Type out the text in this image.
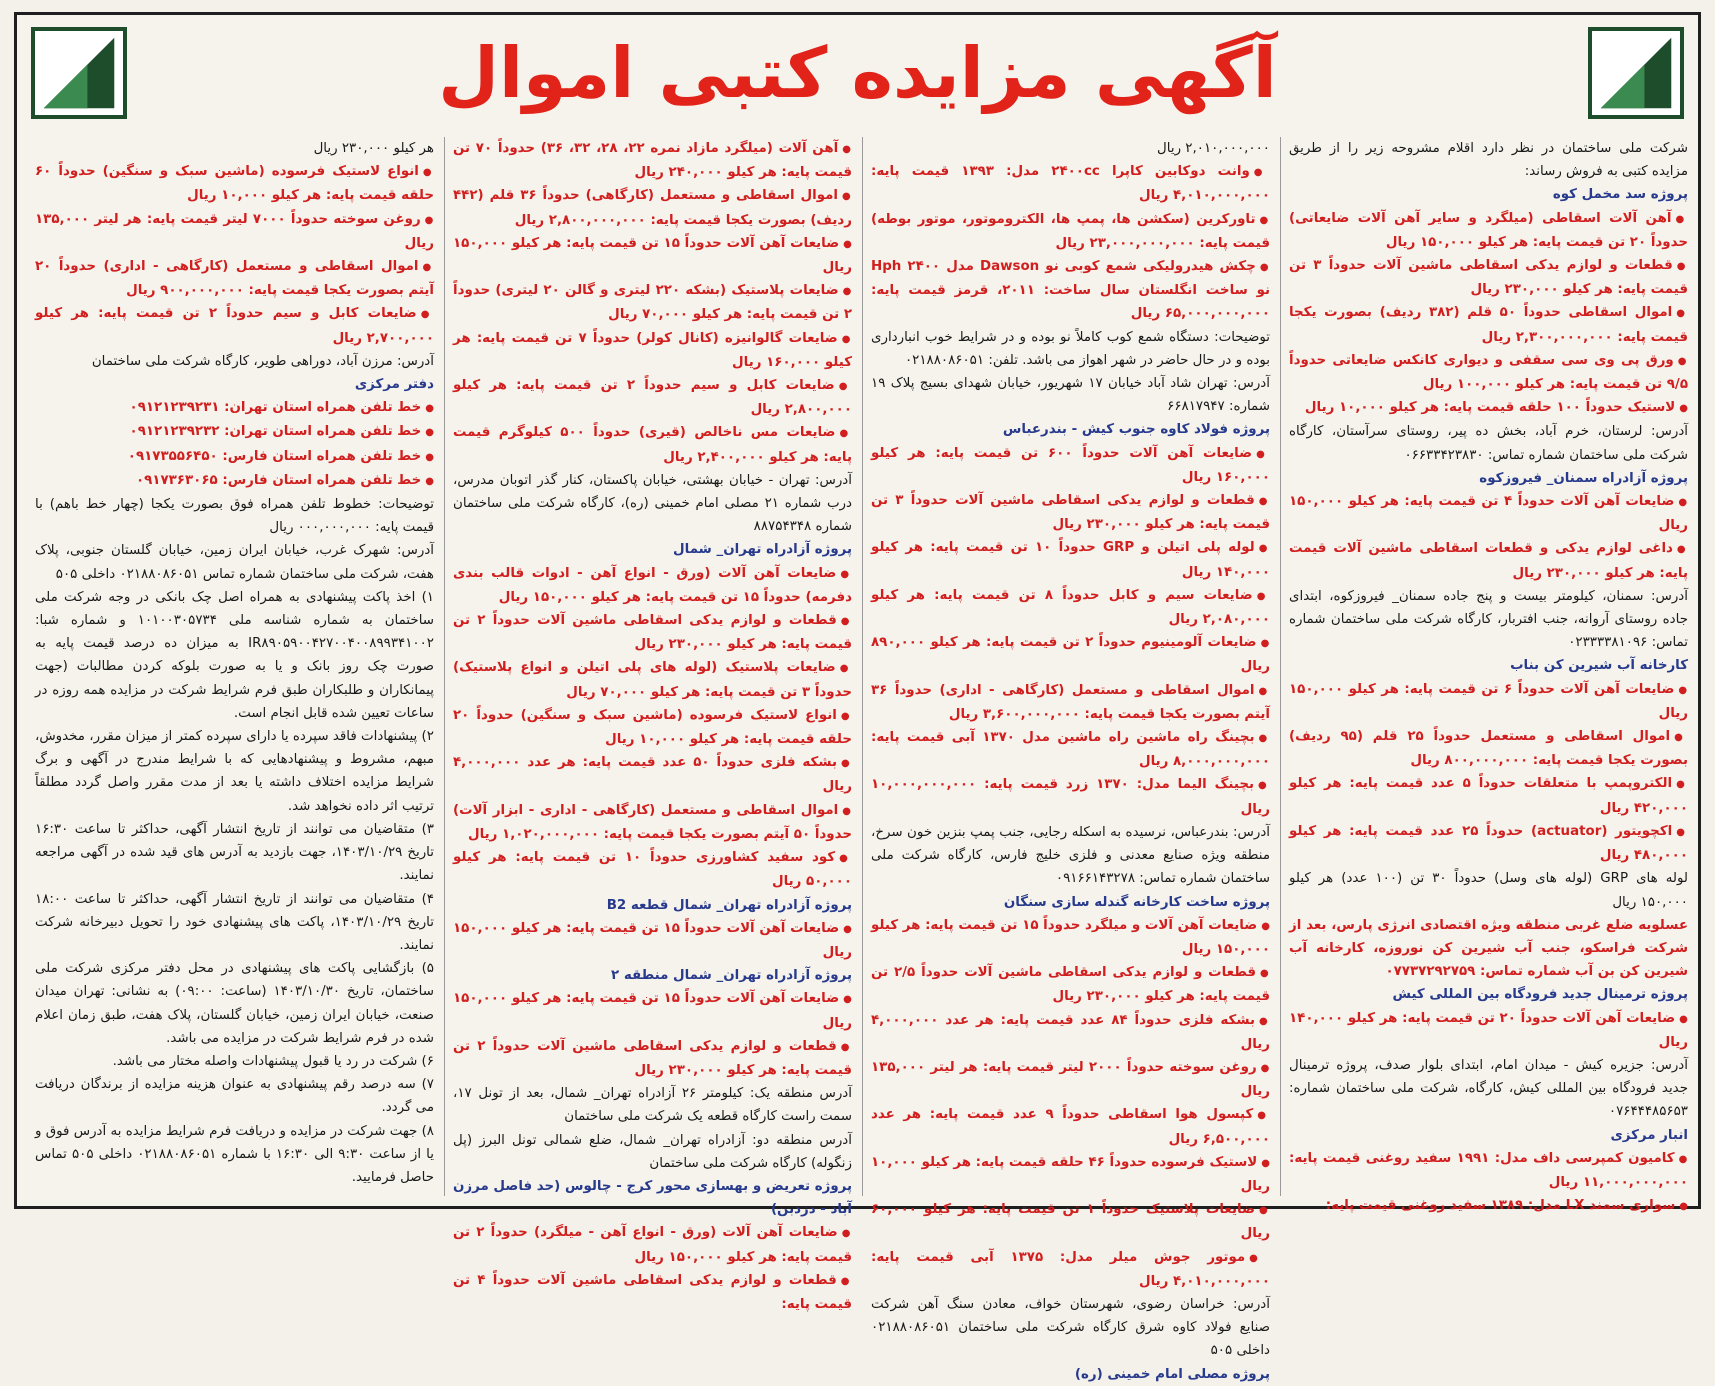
آگهی مزایده کتبی اموال
شرکت ملی ساختمان در نظر دارد اقلام مشروحه زیر را از طریق مزایده کتبی به فروش رساند:
پروژه سد مخمل کوه
● آهن آلات اسقاطی (میلگرد و سایر آهن آلات ضایعاتی) حدوداً ۲۰ تن قیمت پایه: هر کیلو ۱۵۰,۰۰۰ ریال
● قطعات و لوازم یدکی اسقاطی ماشین آلات حدوداً ۳ تن قیمت پایه: هر کیلو ۲۳۰,۰۰۰ ریال
● اموال اسقاطی حدوداً ۵۰ قلم (۳۸۲ ردیف) بصورت یکجا قیمت پایه: ۲,۳۰۰,۰۰۰,۰۰۰ ریال
● ورق پی وی سی سقفی و دیواری کانکس ضایعاتی حدوداً ۹/۵ تن قیمت پایه: هر کیلو ۱۰۰,۰۰۰ ریال
● لاستیک حدوداً ۱۰۰ حلقه قیمت پایه: هر کیلو ۱۰,۰۰۰ ریال
آدرس: لرستان، خرم آباد، بخش ده پیر، روستای سرآستان، کارگاه شرکت ملی ساختمان شماره تماس: ۰۶۶۳۳۴۲۳۸۳۰
پروژه آزادراه سمنان_ فیروزکوه
● ضایعات آهن آلات حدوداً ۴ تن قیمت پایه: هر کیلو ۱۵۰,۰۰۰ ریال
● داغی لوازم یدکی و قطعات اسقاطی ماشین آلات قیمت پایه: هر کیلو ۲۳۰,۰۰۰ ریال
آدرس: سمنان، کیلومتر بیست و پنج جاده سمنان_ فیروزکوه، ابتدای جاده روستای آروانه، جنب افتربار، کارگاه شرکت ملی ساختمان شماره تماس: ۰۲۳۳۳۳۸۱۰۹۶
کارخانه آب شیرین کن بناب
● ضایعات آهن آلات حدوداً ۶ تن قیمت پایه: هر کیلو ۱۵۰,۰۰۰ ریال
● اموال اسقاطی و مستعمل حدوداً ۲۵ قلم (۹۵ ردیف) بصورت یکجا قیمت پایه: ۸۰۰,۰۰۰,۰۰۰ ریال
● الکتروپمپ با متعلقات حدوداً ۵ عدد قیمت پایه: هر کیلو ۴۲۰,۰۰۰ ریال
● اکچویتور (actuator) حدوداً ۲۵ عدد قیمت پایه: هر کیلو ۴۸۰,۰۰۰ ریال
لوله های GRP (لوله های وسل) حدوداً ۳۰ تن (۱۰۰ عدد) هر کیلو ۱۵۰,۰۰۰ ریال
عسلویه ضلع غربی منطقه ویژه اقتصادی انرژی پارس، بعد از شرکت فراسکو، جنب آب شیرین کن نوروزه، کارخانه آب شیرین کن بن آب شماره تماس: ۰۷۷۳۷۲۹۲۷۵۹
پروژه ترمینال جدید فرودگاه بین المللی کیش
● ضایعات آهن آلات حدوداً ۲۰ تن قیمت پایه: هر کیلو ۱۴۰,۰۰۰ ریال
آدرس: جزیره کیش - میدان امام، ابتدای بلوار صدف، پروژه ترمینال جدید فرودگاه بین المللی کیش، کارگاه، شرکت ملی ساختمان شماره: ۰۷۶۴۴۴۸۵۶۵۳
انبار مرکزی
● کامیون کمپرسی داف مدل: ۱۹۹۱ سفید روغنی قیمت پایه: ۱۱,۰۰۰,۰۰۰,۰۰۰ ریال
● سواری سمند LX مدل: ۱۳۸۹ سفید روغنی قیمت پایه:
۲,۰۱۰,۰۰۰,۰۰۰ ریال
● وانت دوکابین کاپرا ۲۴۰۰cc مدل: ۱۳۹۳ قیمت پایه: ۴,۰۱۰,۰۰۰,۰۰۰ ریال
● تاورکرین (سکشن ها، پمپ ها، الکتروموتور، موتور بوطه) قیمت پایه: ۲۳,۰۰۰,۰۰۰,۰۰۰ ریال
● چکش هیدرولیکی شمع کوبی نو Dawson مدل Hph ۲۴۰۰ نو ساخت انگلستان سال ساخت: ۲۰۱۱، قرمز قیمت پایه: ۶۵,۰۰۰,۰۰۰,۰۰۰ ریال
توضیحات: دستگاه شمع کوب کاملاً نو بوده و در شرایط خوب انبارداری بوده و در حال حاضر در شهر اهواز می باشد. تلفن: ۰۲۱۸۸۰۸۶۰۵۱
آدرس: تهران شاد آباد خیابان ۱۷ شهریور، خیابان شهدای بسیج پلاک ۱۹ شماره: ۶۶۸۱۷۹۴۷
پروژه فولاد کاوه جنوب کیش - بندرعباس
● ضایعات آهن آلات حدوداً ۶۰۰ تن قیمت پایه: هر کیلو ۱۶۰,۰۰۰ ریال
● قطعات و لوازم یدکی اسقاطی ماشین آلات حدوداً ۳ تن قیمت پایه: هر کیلو ۲۳۰,۰۰۰ ریال
● لوله پلی اتیلن و GRP حدوداً ۱۰ تن قیمت پایه: هر کیلو ۱۴۰,۰۰۰ ریال
● ضایعات سیم و کابل حدوداً ۸ تن قیمت پایه: هر کیلو ۲,۰۸۰,۰۰۰ ریال
● ضایعات آلومینیوم حدوداً ۲ تن قیمت پایه: هر کیلو ۸۹۰,۰۰۰ ریال
● اموال اسقاطی و مستعمل (کارگاهی - اداری) حدوداً ۳۶ آیتم بصورت یکجا قیمت پایه: ۳,۶۰۰,۰۰۰,۰۰۰ ریال
● بچینگ راه ماشین راه ماشین مدل ۱۳۷۰ آبی قیمت پایه: ۸,۰۰۰,۰۰۰,۰۰۰ ریال
● بچینگ الیما مدل: ۱۳۷۰ زرد قیمت پایه: ۱۰,۰۰۰,۰۰۰,۰۰۰ ریال
آدرس: بندرعباس، نرسیده به اسکله رجایی، جنب پمپ بنزین خون سرخ، منطقه ویژه صنایع معدنی و فلزی خلیج فارس، کارگاه شرکت ملی ساختمان شماره تماس: ۰۹۱۶۶۱۴۳۲۷۸
پروژه ساخت کارخانه گندله سازی سنگان
● ضایعات آهن آلات و میلگرد حدوداً ۱۵ تن قیمت پایه: هر کیلو ۱۵۰,۰۰۰ ریال
● قطعات و لوازم یدکی اسقاطی ماشین آلات حدوداً ۲/۵ تن قیمت پایه: هر کیلو ۲۳۰,۰۰۰ ریال
● بشکه فلزی حدوداً ۸۴ عدد قیمت پایه: هر عدد ۴,۰۰۰,۰۰۰ ریال
● روغن سوخته حدوداً ۲۰۰۰ لیتر قیمت پایه: هر لیتر ۱۳۵,۰۰۰ ریال
● کپسول هوا اسقاطی حدوداً ۹ عدد قیمت پایه: هر عدد ۶,۵۰۰,۰۰۰ ریال
● لاستیک فرسوده حدوداً ۴۶ حلقه قیمت پایه: هر کیلو ۱۰,۰۰۰ ریال
● ضایعات پلاستیک حدوداً ۱ تن قیمت پایه: هر کیلو ۶۰,۰۰۰ ریال
● موتور جوش میلر مدل: ۱۳۷۵ آبی قیمت پایه: ۴,۰۱۰,۰۰۰,۰۰۰ ریال
آدرس: خراسان رضوی، شهرستان خواف، معادن سنگ آهن شرکت صنایع فولاد کاوه شرق کارگاه شرکت ملی ساختمان ۰۲۱۸۸۰۸۶۰۵۱ داخلی ۵۰۵
پروژه مصلی امام خمینی (ره)
● آهن آلات (میلگرد مازاد نمره ۲۲، ۲۸، ۳۲، ۳۶) حدوداً ۷۰ تن قیمت پایه: هر کیلو ۲۴۰,۰۰۰ ریال
● اموال اسقاطی و مستعمل (کارگاهی) حدوداً ۳۶ قلم (۴۴۲ ردیف) بصورت یکجا قیمت پایه: ۲,۸۰۰,۰۰۰,۰۰۰ ریال
● ضایعات آهن آلات حدوداً ۱۵ تن قیمت پایه: هر کیلو ۱۵۰,۰۰۰ ریال
● ضایعات پلاستیک (بشکه ۲۲۰ لیتری و گالن ۲۰ لیتری) حدوداً ۲ تن قیمت پایه: هر کیلو ۷۰,۰۰۰ ریال
● ضایعات گالوانیزه (کانال کولر) حدوداً ۷ تن قیمت پایه: هر کیلو ۱۶۰,۰۰۰ ریال
● ضایعات کابل و سیم حدوداً ۲ تن قیمت پایه: هر کیلو ۲,۸۰۰,۰۰۰ ریال
● ضایعات مس ناخالص (قیری) حدوداً ۵۰۰ کیلوگرم قیمت پایه: هر کیلو ۲,۴۰۰,۰۰۰ ریال
آدرس: تهران - خیابان بهشتی، خیابان پاکستان، کنار گذر اتوبان مدرس، درب شماره ۲۱ مصلی امام خمینی (ره)، کارگاه شرکت ملی ساختمان شماره ۸۸۷۵۴۳۴۸
پروژه آزادراه تهران_ شمال
● ضایعات آهن آلات (ورق - انواع آهن - ادوات قالب بندی دفرمه) حدوداً ۱۵ تن قیمت پایه: هر کیلو ۱۵۰,۰۰۰ ریال
● قطعات و لوازم یدکی اسقاطی ماشین آلات حدوداً ۲ تن قیمت پایه: هر کیلو ۲۳۰,۰۰۰ ریال
● ضایعات پلاستیک (لوله های پلی اتیلن و انواع پلاستیک) حدوداً ۳ تن قیمت پایه: هر کیلو ۷۰,۰۰۰ ریال
● انواع لاستیک فرسوده (ماشین سبک و سنگین) حدوداً ۲۰ حلقه قیمت پایه: هر کیلو ۱۰,۰۰۰ ریال
● بشکه فلزی حدوداً ۵۰ عدد قیمت پایه: هر عدد ۴,۰۰۰,۰۰۰ ریال
● اموال اسقاطی و مستعمل (کارگاهی - اداری - ابزار آلات) حدوداً ۵۰ آیتم بصورت یکجا قیمت پایه: ۱,۰۲۰,۰۰۰,۰۰۰ ریال
● کود سفید کشاورزی حدوداً ۱۰ تن قیمت پایه: هر کیلو ۵۰,۰۰۰ ریال
پروژه آزادراه تهران_ شمال قطعه B2
● ضایعات آهن آلات حدوداً ۱۵ تن قیمت پایه: هر کیلو ۱۵۰,۰۰۰ ریال
پروژه آزادراه تهران_ شمال منطقه ۲
● ضایعات آهن آلات حدوداً ۱۵ تن قیمت پایه: هر کیلو ۱۵۰,۰۰۰ ریال
● قطعات و لوازم یدکی اسقاطی ماشین آلات حدوداً ۲ تن قیمت پایه: هر کیلو ۲۳۰,۰۰۰ ریال
آدرس منطقه یک: کیلومتر ۲۶ آزادراه تهران_ شمال، بعد از تونل ۱۷، سمت راست کارگاه قطعه یک شرکت ملی ساختمان
آدرس منطقه دو: آزادراه تهران_ شمال، ضلع شمالی تونل البرز (پل زنگوله) کارگاه شرکت ملی ساختمان
پروژه تعریض و بهسازی محور کرج - چالوس (حد فاصل مرزن آباد - دزدبن)
● ضایعات آهن آلات (ورق - انواع آهن - میلگرد) حدوداً ۲ تن قیمت پایه: هر کیلو ۱۵۰,۰۰۰ ریال
● قطعات و لوازم یدکی اسقاطی ماشین آلات حدوداً ۴ تن قیمت پایه:
هر کیلو ۲۳۰,۰۰۰ ریال
● انواع لاستیک فرسوده (ماشین سبک و سنگین) حدوداً ۶۰ حلقه قیمت پایه: هر کیلو ۱۰,۰۰۰ ریال
● روغن سوخته حدوداً ۷۰۰۰ لیتر قیمت پایه: هر لیتر ۱۳۵,۰۰۰ ریال
● اموال اسقاطی و مستعمل (کارگاهی - اداری) حدوداً ۲۰ آیتم بصورت یکجا قیمت پایه: ۹۰۰,۰۰۰,۰۰۰ ریال
● ضایعات کابل و سیم حدوداً ۲ تن قیمت پایه: هر کیلو ۲,۷۰۰,۰۰۰ ریال
آدرس: مرزن آباد، دوراهی طویر، کارگاه شرکت ملی ساختمان
دفتر مرکزی
● خط تلفن همراه استان تهران: ۰۹۱۲۱۲۳۹۲۳۱
● خط تلفن همراه استان تهران: ۰۹۱۲۱۲۳۹۲۳۲
● خط تلفن همراه استان فارس: ۰۹۱۷۳۵۵۶۴۵۰
● خط تلفن همراه استان فارس: ۰۹۱۷۳۶۳۰۶۵
توضیحات: خطوط تلفن همراه فوق بصورت یکجا (چهار خط باهم) با قیمت پایه: ۰۰۰,۰۰۰,۰۰۰ ریال
آدرس: شهرک غرب، خیابان ایران زمین، خیابان گلستان جنوبی، پلاک هفت، شرکت ملی ساختمان شماره تماس ۰۲۱۸۸۰۸۶۰۵۱ داخلی ۵۰۵
۱) اخذ پاکت پیشنهادی به همراه اصل چک بانکی در وجه شرکت ملی ساختمان به شماره شناسه ملی ۱۰۱۰۰۳۰۵۷۳۴ و شماره شبا: IR۸۹۰۵۹۰۰۴۲۷۰۰۴۰۰۸۹۹۳۴۱۰۰۲ به میزان ده درصد قیمت پایه به صورت چک روز بانک و یا به صورت بلوکه کردن مطالبات (جهت پیمانکاران و طلبکاران طبق فرم شرایط شرکت در مزایده همه روزه در ساعات تعیین شده قابل انجام است.
۲) پیشنهادات فاقد سپرده یا دارای سپرده کمتر از میزان مقرر، مخدوش، مبهم، مشروط و پیشنهادهایی که با شرایط مندرج در آگهی و برگ شرایط مزایده اختلاف داشته یا بعد از مدت مقرر واصل گردد مطلقاً ترتیب اثر داده نخواهد شد.
۳) متقاضیان می توانند از تاریخ انتشار آگهی، حداکثر تا ساعت ۱۶:۳۰ تاریخ ۱۴۰۳/۱۰/۲۹، جهت بازدید به آدرس های قید شده در آگهی مراجعه نمایند.
۴) متقاضیان می توانند از تاریخ انتشار آگهی، حداکثر تا ساعت ۱۸:۰۰ تاریخ ۱۴۰۳/۱۰/۲۹، پاکت های پیشنهادی خود را تحویل دبیرخانه شرکت نمایند.
۵) بازگشایی پاکت های پیشنهادی در محل دفتر مرکزی شرکت ملی ساختمان، تاریخ ۱۴۰۳/۱۰/۳۰ (ساعت: ۰۹:۰۰) به نشانی: تهران میدان صنعت، خیابان ایران زمین، خیابان گلستان، پلاک هفت، طبق زمان اعلام شده در فرم شرایط شرکت در مزایده می باشد.
۶) شرکت در رد یا قبول پیشنهادات واصله مختار می باشد.
۷) سه درصد رقم پیشنهادی به عنوان هزینه مزایده از برندگان دریافت می گردد.
۸) جهت شرکت در مزایده و دریافت فرم شرایط مزایده به آدرس فوق و یا از ساعت ۹:۳۰ الی ۱۶:۳۰ با شماره ۰۲۱۸۸۰۸۶۰۵۱ داخلی ۵۰۵ تماس حاصل فرمایید.
